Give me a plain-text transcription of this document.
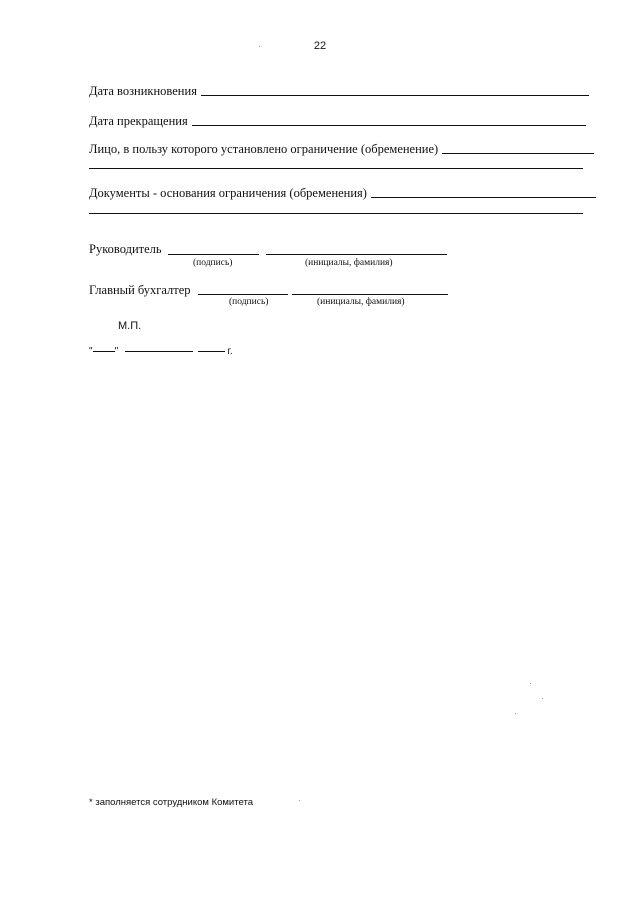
22
Дата возникновения
Дата прекращения
Лицо, в пользу которого установлено ограничение (обременение)
Документы - основания ограничения (обременения)
Руководитель
(подпись)	(инициалы, фамилия)
Главный бухгалтер
(подпись)	(инициалы, фамилия)
М.П.
" "	г.
* заполняется сотрудником Комитета
